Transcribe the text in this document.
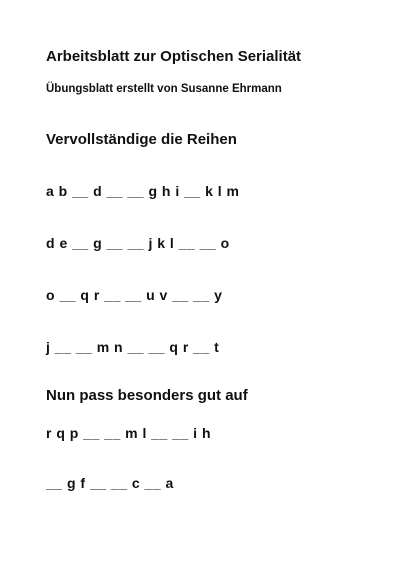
Arbeitsblatt zur Optischen Serialität
Übungsblatt erstellt von Susanne Ehrmann
Vervollständige die Reihen
a b __ d __ __ g h i __ k l m
d e __ g __ __ j k l __ __ o
o __ q r __ __ u v __ __ y
j __ __ m n __ __ q r __ t
Nun pass besonders gut auf
r q p __ __ m l __ __ i h
__ g f __ __ c __ a
